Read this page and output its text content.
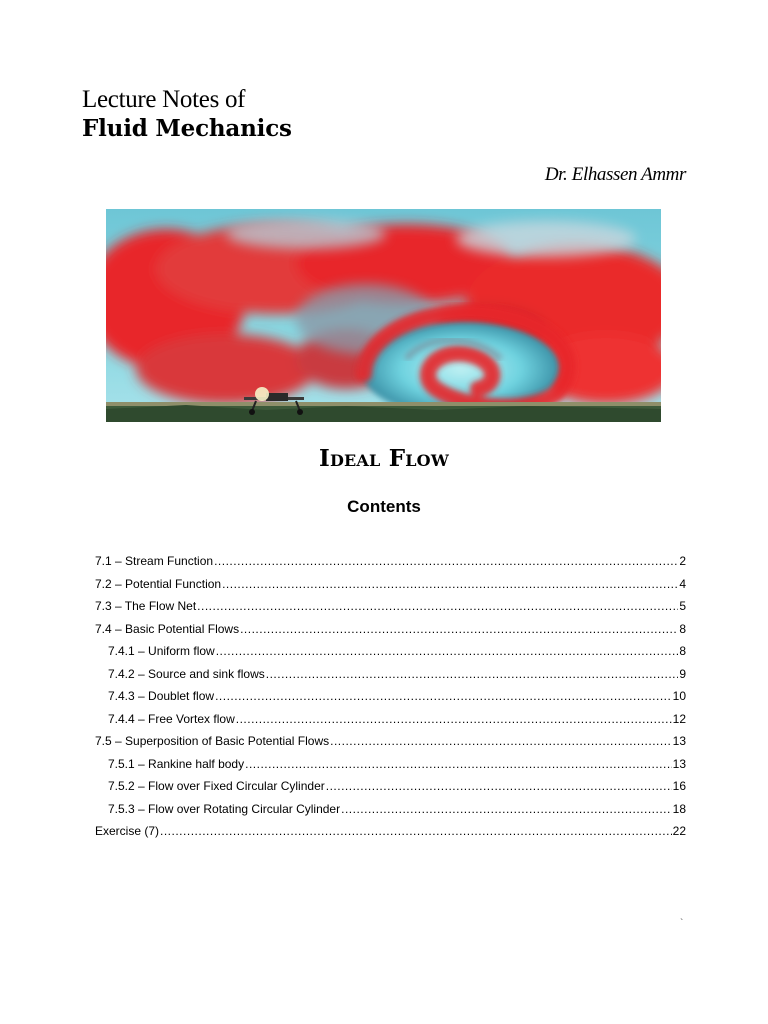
Lecture Notes of
Fluid Mechanics
Dr. Elhassen Ammr
Ideal Flow
Contents
7.1 – Stream Function .....	2
7.2 – Potential Function .....	4
7.3 – The Flow Net .....	5
7.4 – Basic Potential Flows .....	8
7.4.1 – Uniform flow .....	8
7.4.2 – Source and sink flows .....	9
7.4.3 – Doublet flow .....	10
7.4.4 – Free Vortex flow .....	12
7.5 – Superposition of Basic Potential Flows .....	13
7.5.1 – Rankine half body .....	13
7.5.2 – Flow over Fixed Circular Cylinder .....	16
7.5.3 – Flow over Rotating Circular Cylinder .....	18
Exercise (7) .....	22
`
